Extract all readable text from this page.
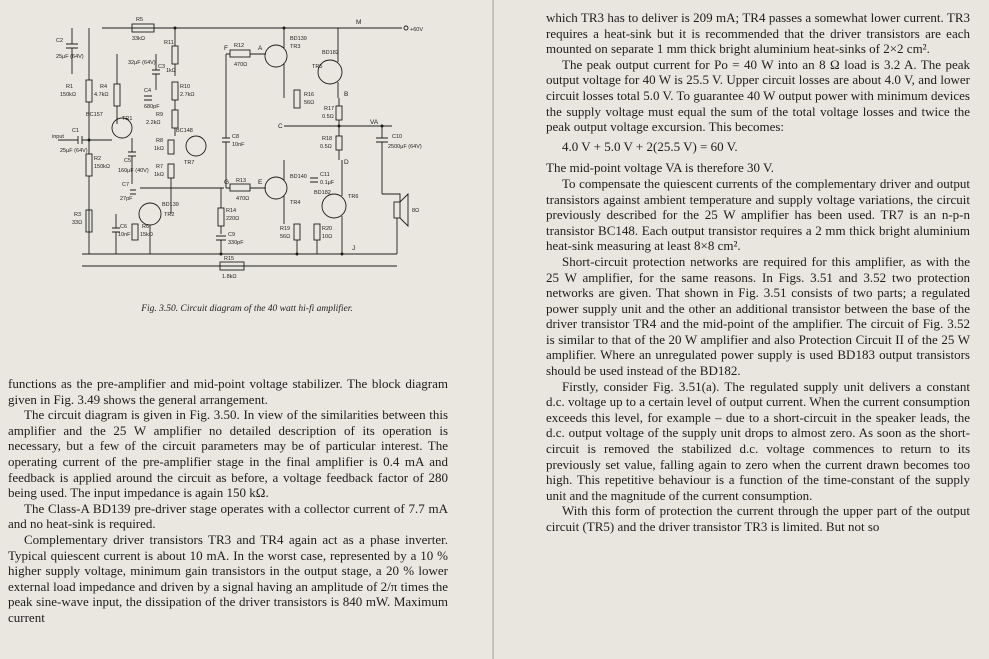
R5
33kΩ
C2
25μF (64V)
R11
1kΩ
32μF (64V)
C3
R10
2.7kΩ
R12
470Ω
F	A
BD139
TR3
BD182
TR5
M
+60V
R1
150kΩ
R4
4.7kΩ
C4
680pF
R9
2.2kΩ
R16
56Ω
R17
0.5Ω
B
BC157
TR1
BC148
input
C1
25μF (64V)
R8
1kΩ
C8
10nF
TR7
C
R18
0.5Ω
VA
C10
2500μF (64V)
R2
150kΩ
C5
160μF (40V)
R7
1kΩ
D
C7
27pF
G R13
470Ω
E
BD140
TR4
C11
0.1μF
BD182
TR6
8Ω
BD139
TR2
R14
220Ω
R3
33Ω
C6
10nF
R6
15kΩ	C9
330pF
R19
56Ω
R20
10Ω
J
R15
1.8kΩ
Fig. 3.50. Circuit diagram of the 40 watt hi-fi amplifier.

functions as the pre-amplifier and mid-point voltage stabilizer. The block diagram given in Fig. 3.49 shows the general arrangement.

The circuit diagram is given in Fig. 3.50. In view of the similarities between this amplifier and the 25 W amplifier no detailed description of its operation is necessary, but a few of the circuit parameters may be of particular interest. The operating current of the pre-amplifier stage in the final amplifier is 0.4 mA and feedback is applied around the circuit as before, a voltage feedback factor of 280 being used. The input impedance is again 150 kΩ.

The Class-A BD139 pre-driver stage operates with a collector current of 7.7 mA and no heat-sink is required.

Complementary driver transistors TR3 and TR4 again act as a phase inverter. Typical quiescent current is about 10 mA. In the worst case, represented by a 10 % higher supply voltage, minimum gain transistors in the output stage, a 20 % lower external load impedance and driven by a signal having an amplitude of 2/π times the peak sine-wave input, the dissipation of the driver transistors is 840 mW. Maximum current

which TR3 has to deliver is 209 mA; TR4 passes a somewhat lower current. TR3 requires a heat-sink but it is recommended that the driver transistors are each mounted on separate 1 mm thick bright aluminium heat-sinks of 2×2 cm².

The peak output current for Po = 40 W into an 8 Ω load is 3.2 A. The peak output voltage for 40 W is 25.5 V. Upper circuit losses are about 4.0 V, and lower circuit losses total 5.0 V. To guarantee 40 W output power with minimum devices the supply voltage must equal the sum of the total voltage losses and twice the peak output voltage excursion. This becomes:

4.0 V + 5.0 V + 2(25.5 V) = 60 V.

The mid-point voltage VA is therefore 30 V.

To compensate the quiescent currents of the complementary driver and output transistors against ambient temperature and supply voltage variations, the circuit previously described for the 25 W amplifier has been used. TR7 is an n-p-n transistor BC148. Each output transistor requires a 2 mm thick bright aluminium heat-sink measuring at least 8×8 cm².

Short-circuit protection networks are required for this amplifier, as with the 25 W amplifier, for the same reasons. In Figs. 3.51 and 3.52 two protection networks are given. That shown in Fig. 3.51 consists of two parts; a regulated power supply unit and the other an additional transistor between the base of the driver transistor TR4 and the mid-point of the amplifier. The circuit of Fig. 3.52 is similar to that of the 20 W amplifier and also Protection Circuit II of the 25 W amplifier. Where an unregulated power supply is used BD183 output transistors should be used instead of the BD182.

Firstly, consider Fig. 3.51(a). The regulated supply unit delivers a constant d.c. voltage up to a certain level of output current. When the current consumption exceeds this level, for example – due to a short-circuit in the speaker leads, the d.c. output voltage of the supply unit drops to almost zero. As soon as the short-circuit is removed the stabilized d.c. voltage commences to return to its previously set value, falling again to zero when the current drawn becomes too high. This repetitive behaviour is a function of the time-constant of the supply unit and the magnitude of the current consumption.

With this form of protection the current through the upper part of the output circuit (TR5) and the driver transistor TR3 is limited. But not so
